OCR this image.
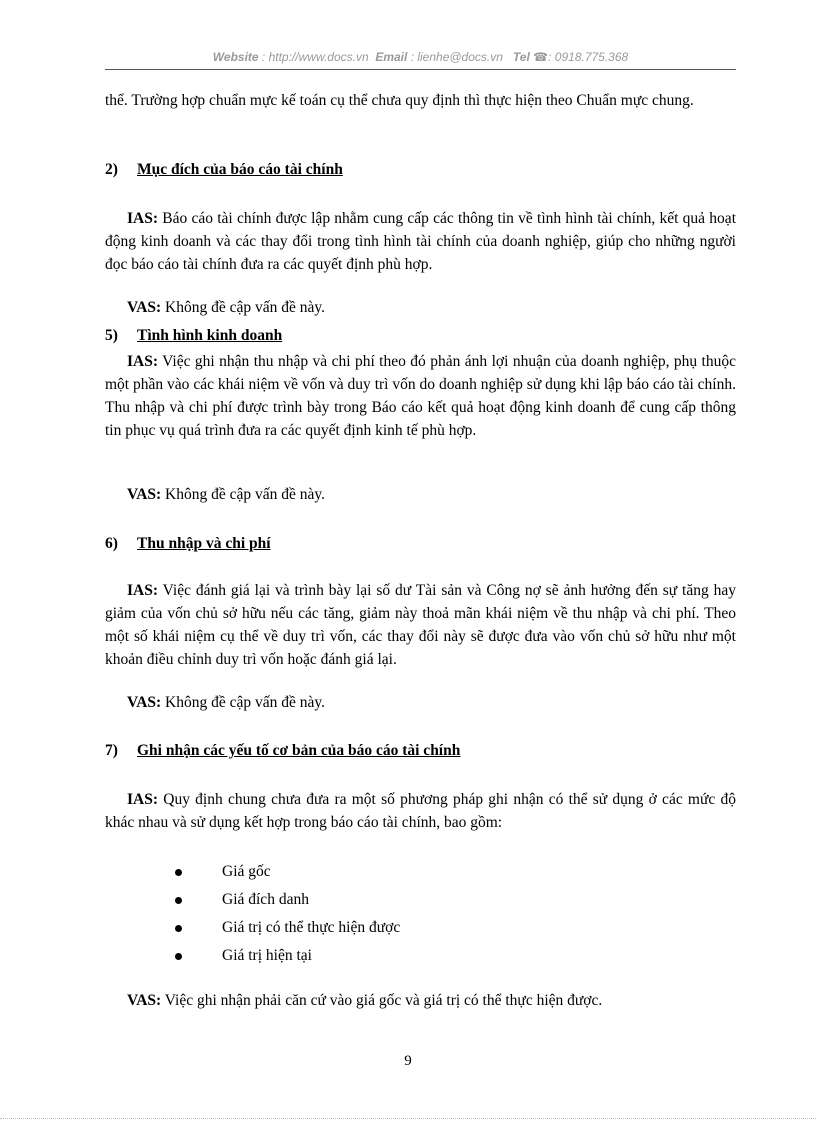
Website : http://www.docs.vn Email : lienhe@docs.vn Tel ☎: 0918.775.368

thể. Trường hợp chuẩn mực kế toán cụ thể chưa quy định thì thực hiện theo Chuẩn mực chung.

2) Mục đích của báo cáo tài chính

IAS: Báo cáo tài chính được lập nhằm cung cấp các thông tin về tình hình tài chính, kết quả hoạt động kinh doanh và các thay đổi trong tình hình tài chính của doanh nghiệp, giúp cho những người đọc báo cáo tài chính đưa ra các quyết định phù hợp.

VAS: Không đề cập vấn đề này.

5) Tình hình kinh doanh

IAS: Việc ghi nhận thu nhập và chi phí theo đó phản ánh lợi nhuận của doanh nghiệp, phụ thuộc một phần vào các khái niệm về vốn và duy trì vốn do doanh nghiệp sử dụng khi lập báo cáo tài chính. Thu nhập và chi phí được trình bày trong Báo cáo kết quả hoạt động kinh doanh để cung cấp thông tin phục vụ quá trình đưa ra các quyết định kinh tế phù hợp.

VAS: Không đề cập vấn đề này.

6) Thu nhập và chi phí

IAS: Việc đánh giá lại và trình bày lại số dư Tài sản và Công nợ sẽ ảnh hưởng đến sự tăng hay giảm của vốn chủ sở hữu nếu các tăng, giảm này thoả mãn khái niệm về thu nhập và chi phí. Theo một số khái niệm cụ thể về duy trì vốn, các thay đổi này sẽ được đưa vào vốn chủ sở hữu như một khoản điều chỉnh duy trì vốn hoặc đánh giá lại.

VAS: Không đề cập vấn đề này.

7) Ghi nhận các yếu tố cơ bản của báo cáo tài chính

IAS: Quy định chung chưa đưa ra một số phương pháp ghi nhận có thể sử dụng ở các mức độ khác nhau và sử dụng kết hợp trong báo cáo tài chính, bao gồm:

Giá gốc
Giá đích danh
Giá trị có thể thực hiện được
Giá trị hiện tại

VAS: Việc ghi nhận phải căn cứ vào giá gốc và giá trị có thể thực hiện được.

9
